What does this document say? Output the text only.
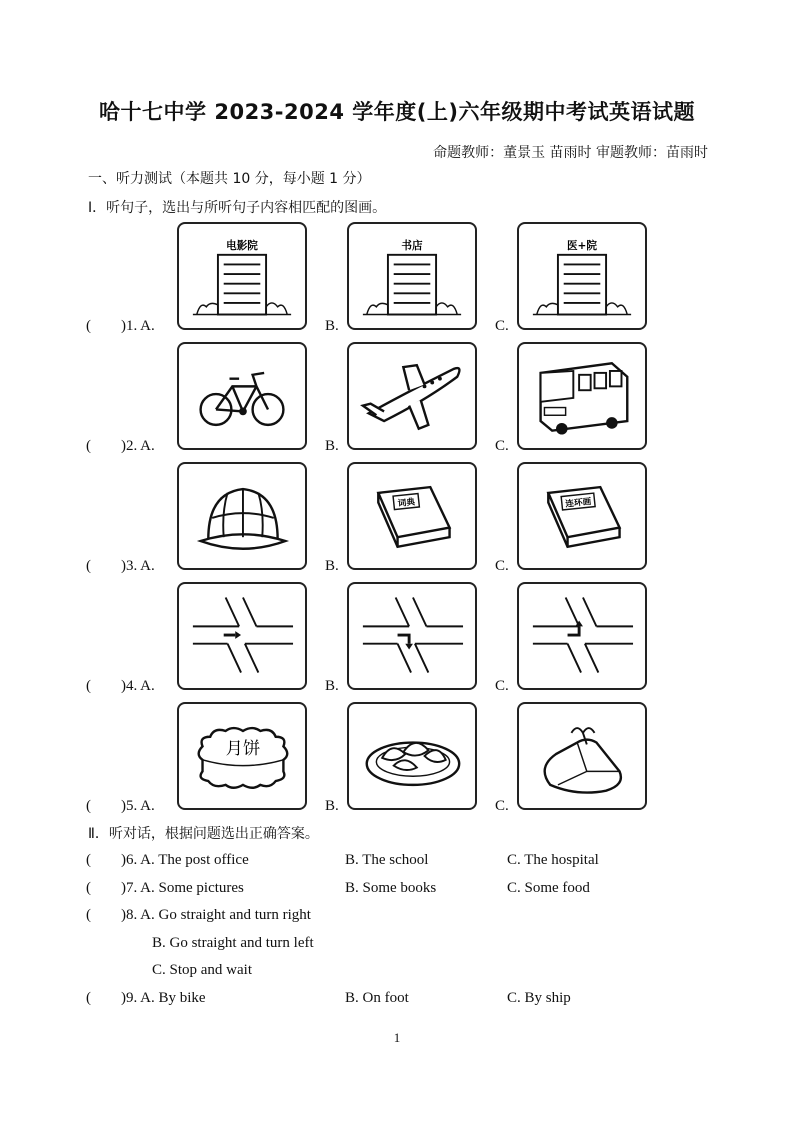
哈十七中学 2023-2024 学年度(上)六年级期中考试英语试题
命题教师：董景玉 苗雨时 审题教师：苗雨时
一、听力测试（本题共 10 分，每小题 1 分）
Ⅰ．听句子，选出与所听句子内容相匹配的图画。
(        )1. A.
电影院
B.
书店
C.
医+院
(        )2. A.	B.	C.
(        )3. A.	B.
词典
C.
连环画
(        )4. A.	B.	C.
(        )5. A.
月饼
B.	C.
Ⅱ．听对话，根据问题选出正确答案。
(        )6. A. The post office	B. The school	C. The hospital
(        )7. A. Some pictures	B. Some books	C. Some food
(        )8. A. Go straight and turn right
B. Go straight and turn left
C. Stop and wait
(        )9. A. By bike	B. On foot	C. By ship
1
